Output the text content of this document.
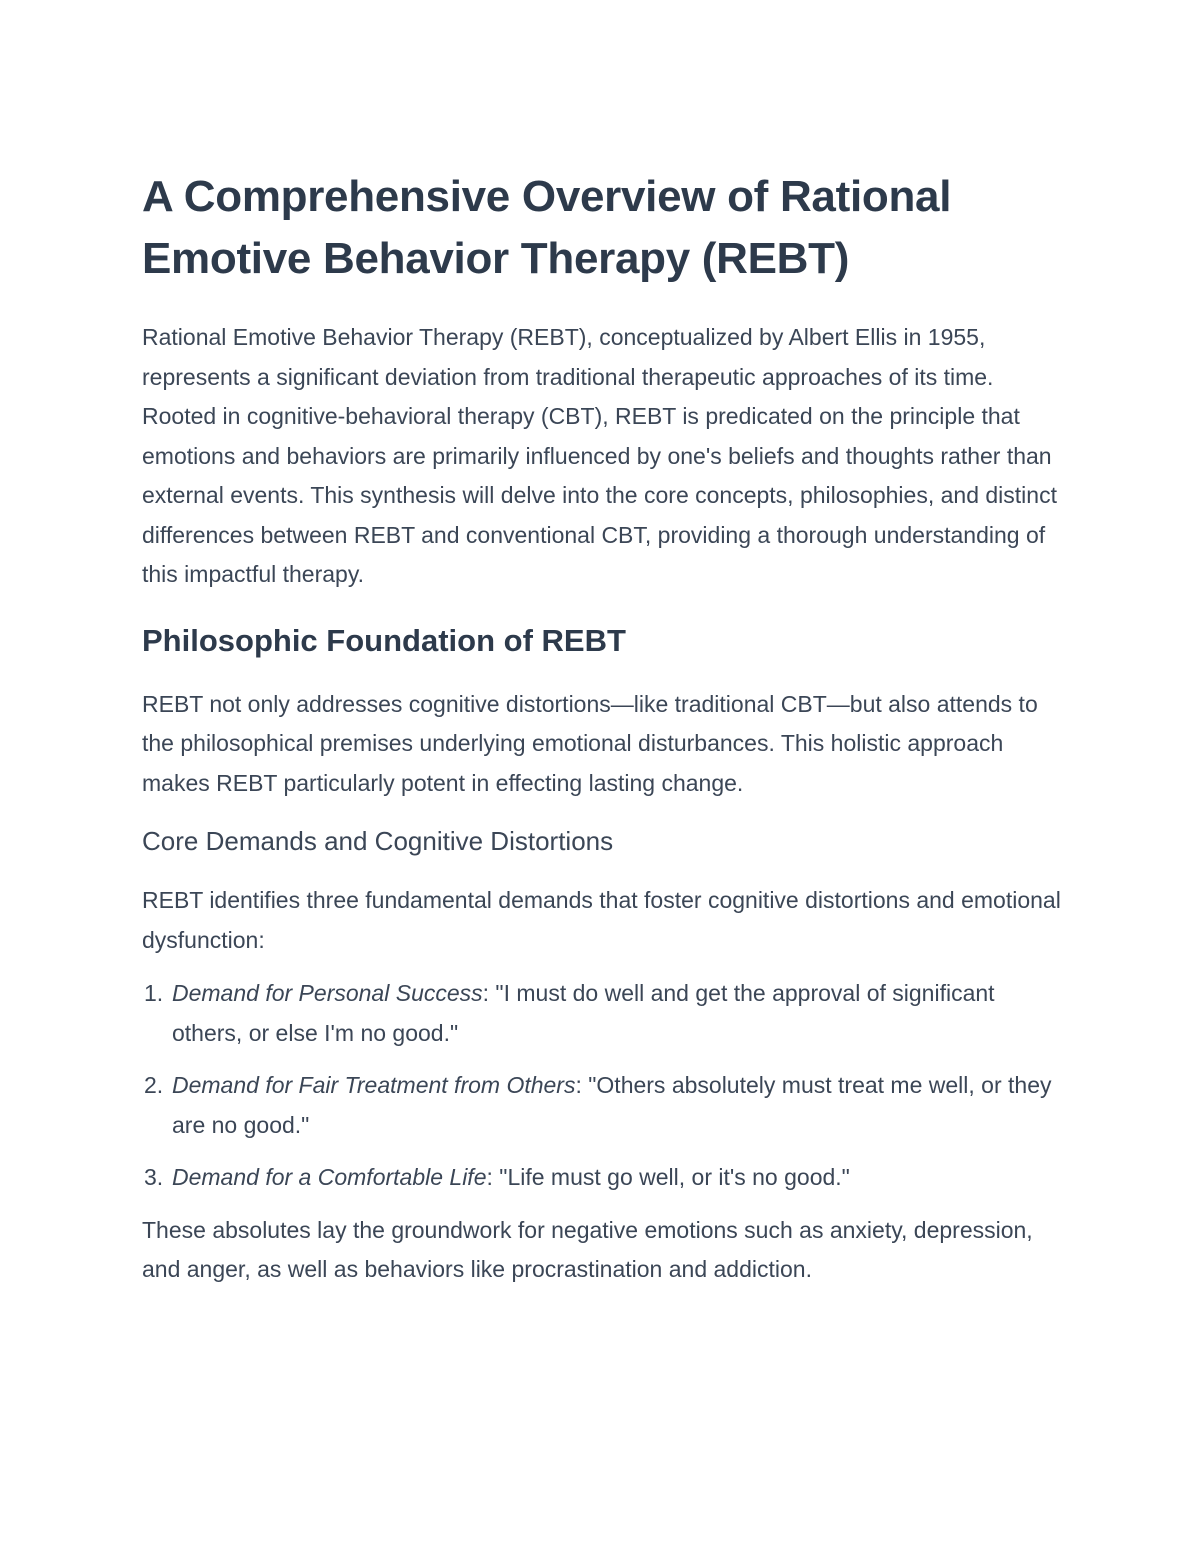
A Comprehensive Overview of Rational Emotive Behavior Therapy (REBT)

Rational Emotive Behavior Therapy (REBT), conceptualized by Albert Ellis in 1955, represents a significant deviation from traditional therapeutic approaches of its time. Rooted in cognitive-behavioral therapy (CBT), REBT is predicated on the principle that emotions and behaviors are primarily influenced by one's beliefs and thoughts rather than external events. This synthesis will delve into the core concepts, philosophies, and distinct differences between REBT and conventional CBT, providing a thorough understanding of this impactful therapy.

Philosophic Foundation of REBT

REBT not only addresses cognitive distortions—like traditional CBT—but also attends to the philosophical premises underlying emotional disturbances. This holistic approach makes REBT particularly potent in effecting lasting change.

Core Demands and Cognitive Distortions

REBT identifies three fundamental demands that foster cognitive distortions and emotional dysfunction:

1. Demand for Personal Success: "I must do well and get the approval of significant others, or else I'm no good."
2. Demand for Fair Treatment from Others: "Others absolutely must treat me well, or they are no good."
3. Demand for a Comfortable Life: "Life must go well, or it's no good."

These absolutes lay the groundwork for negative emotions such as anxiety, depression, and anger, as well as behaviors like procrastination and addiction.
